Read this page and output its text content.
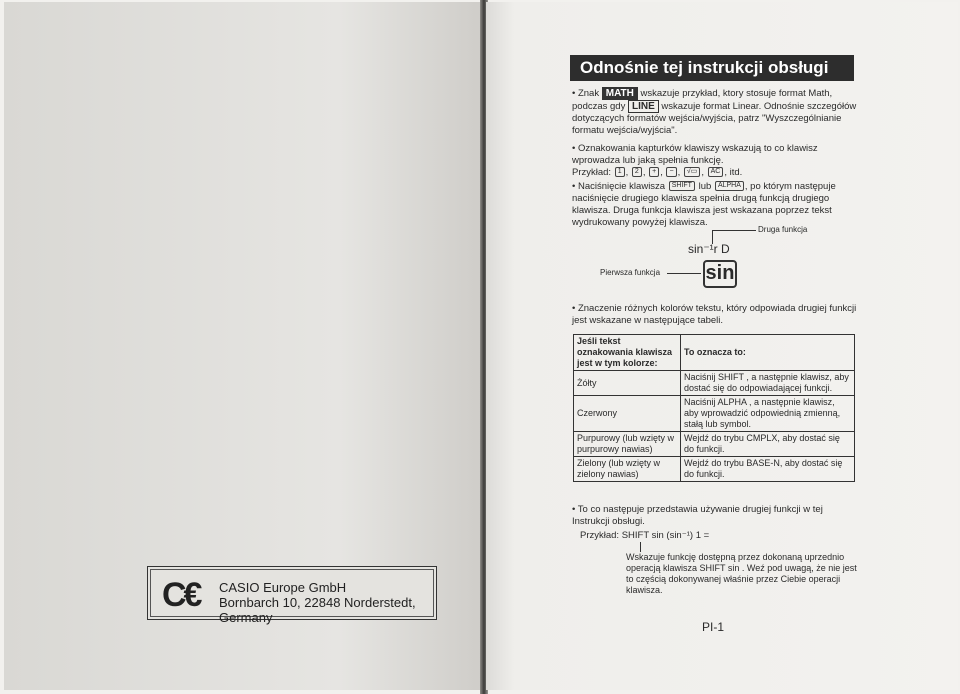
C€ CASIO Europe GmbH
Bornbarch 10, 22848 Norderstedt, Germany
Odnośnie tej instrukcji obsługi
• Znak MATH wskazuje przykład, ktory stosuje format Math, podczas gdy LINE wskazuje format Linear. Odnośnie szczegółów dotyczących formatów wejścia/wyjścia, patrz "Wyszczególnianie formatu wejścia/wyjścia".
• Oznakowania kapturków klawiszy wskazują to co klawisz wprowadza lub jaką spełnia funkcję.
Przykład: 1 , 2 , + , − , √▭ , AC , itd.
• Naciśnięcie klawisza SHIFT lub ALPHA , po którym następuje naciśnięcie drugiego klawisza spełnia drugą funkcją drugiego klawisza. Druga funkcja klawisza jest wskazana poprzez tekst wydrukowany powyżej klawisza.
Druga funkcja
sin⁻¹r D
sin
Pierwsza funkcja
• Znaczenie różnych kolorów tekstu, który odpowiada drugiej funkcji jest wskazane w następujące tabeli.
Jeśli tekst oznakowania klawisza jest w tym kolorze:	To oznacza to:
Żółty	Naciśnij SHIFT , a następnie klawisz, aby dostać się do odpowiadającej funkcji.
Czerwony	Naciśnij ALPHA , a następnie klawisz, aby wprowadzić odpowiednią zmienną, stałą lub symbol.
Purpurowy (lub wzięty w purpurowy nawias)	Wejdź do trybu CMPLX, aby dostać się do funkcji.
Zielony (lub wzięty w zielony nawias)	Wejdź do trybu BASE-N, aby dostać się do funkcji.
• To co następuje przedstawia używanie drugiej funkcji w tej Instrukcji obsługi.
Przykład: SHIFT sin (sin⁻¹) 1 =
Wskazuje funkcję dostępną przez dokonaną uprzednio operacją klawisza SHIFT sin . Weź pod uwagą, że nie jest to częścią dokonywanej właśnie przez Ciebie operacji klawisza.
PI-1
